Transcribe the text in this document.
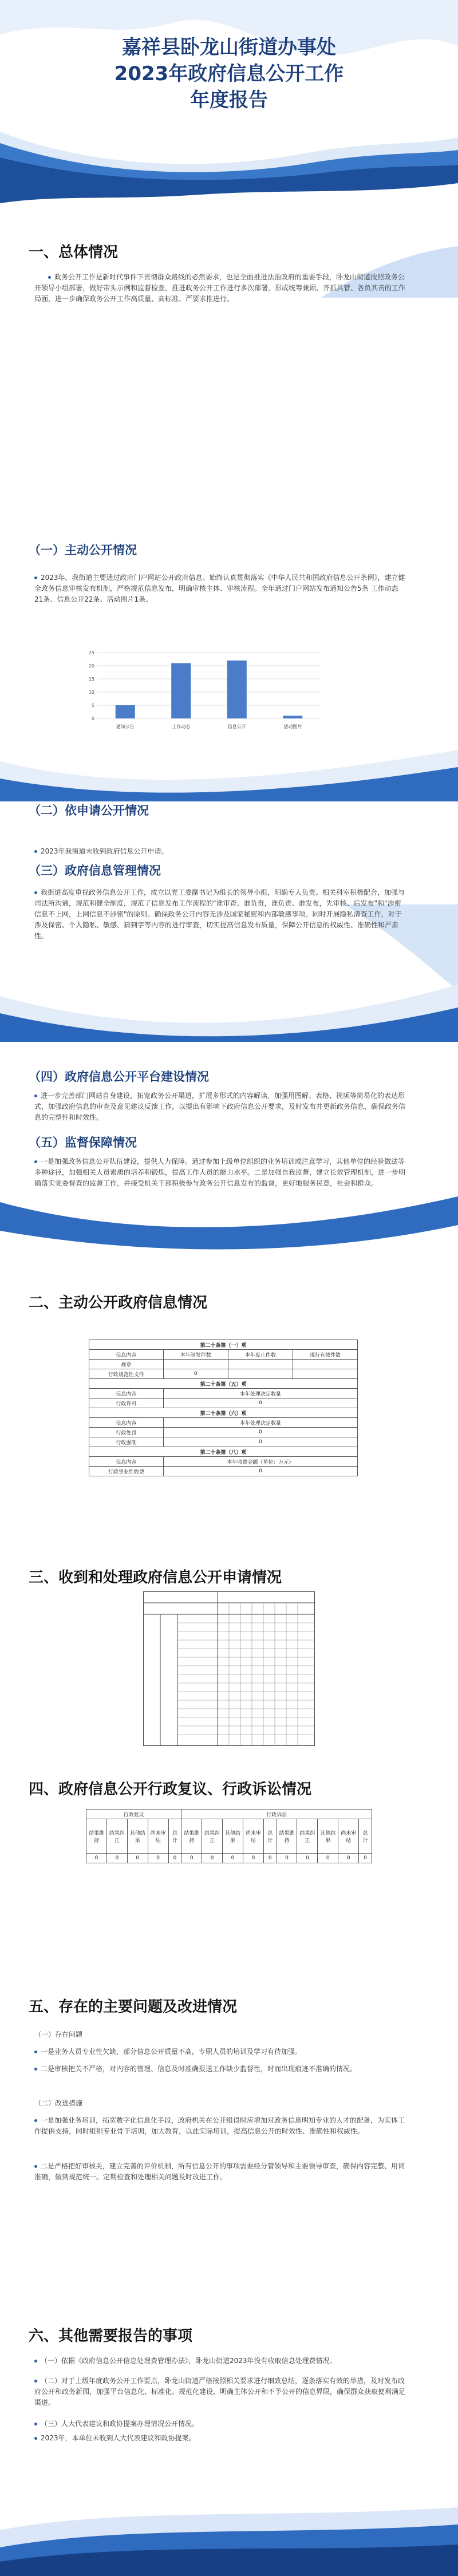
嘉祥县卧龙山街道办事处
2023年政府信息公开工作
年度报告
一、总体情况
政务公开工作是新时代事件下贯彻群众路线的必然要求，也是全面推进法治政府的重要手段，卧龙山街道按照政务公开领导小组部署，做好带头示例和监督检查，推进政务公开工作进行多次部署，形成统筹兼顾、齐抓共管、各负其责的工作局面，进一步确保政务公开工作高质量、高标准、严要求推进行。
（一）主动公开情况
2023年，我街道主要通过政府门户网站公开政府信息。始终认真贯彻落实《中华人民共和国政府信息公开条例》，建立健全政务信息审核发布机制，严格规范信息发布，明确审核主体、审核流程。全年通过门户网站发布通知公告5条 工作动态21条、信息公开22条、活动图片1条。
0
5
10
15
20
25
通知公告	工作动态	信息公开	活动图片
（二）依申请公开情况
2023年我街道未收到政府信息公开申请。
（三）政府信息管理情况
我街道高度重视政务信息公开工作，成立以党工委副书记为组长的领导小组，明确专人负责。相关科室积极配合，加强与司法所沟通，规范和健全制度，规范了信息发布工作流程的"谁审查、谁负责，谁负责、谁发布，先审核、后发布"和"涉密信息不上网，上网信息不涉密"的原则。确保政务公开内容无涉及国家秘密和内部敏感事项。同时开展隐私清查工作，对于涉及保密、个人隐私、敏感、猜到字等内容的进行审查，切实提高信息发布质量，保障公开信息的权威性、准确性和严肃性。
（四）政府信息公开平台建设情况
进一步完善部门网站自身建设，拓宽政务公开渠道，扩展多形式的内容解读，加强用图解、表格、视频等简易化的表达形式，加强政府信息的审查及意见建议反馈工作，以提出有影响下政府信息公开要求，及时发布并更新政务信息，确保政务信息的完整性和时效性。
（五）监督保障情况
一是加强政务信息公开队伍建设，提供人力保障。通过参加上级单位组织的业务培训或注意学习，其他单位的经验做法等多种途径，加强相关人员素质的培养和锻炼，提高工作人员的能力水平。二是加强自我监督，建立长效管理机制，进一步明确落实党委督查的监督工作，并接受机关干部积极参与政务公开信息发布的监督，更好地服务民意，社会和群众。
二、主动公开政府信息情况
第二十条第（一）项			
信息内容	本年制发件数	本年废止件数	现行有效件数
规章			
行政规范性文件	0		
第二十条第（五）项			
信息内容	本年处理决定数量		
行政许可	0		
第二十条第（六）项			
信息内容	本年处理决定数量		
行政处罚	0		
行政强制	0		
第二十条第（八）项			
信息内容	本年收费金额（单位：万元）		
行政事业性收费	0		
三、收到和处理政府信息公开申请情况
四、政府信息公开行政复议、行政诉讼情况
行政复议					行政诉讼									
结果维持	结果纠正	其他结果	尚未审结	总计	结果维持	结果纠正	其他结果	尚未审结	总计	结果维持	结果纠正	其他结果	尚未审结	总计
0	0	0	0	0	0	0	0	0	0	0	0	0	0	0
五、存在的主要问题及改进情况
（一）存在问题
一是业务人员专业性欠缺，部分信息公开质量不高，专职人员的培训及学习有待加强。
二是审核把关不严格，对内容的管理、信息及时准确报送工作缺少监督性，时而出现痕迹不准确的情况。
（二）改进措施
一是加强业务培训，拓宽数字化信息化手段，政府机关在公开组得时应增加对政务信息明知专业的人才的配备，为实体工作提供支持，同时组织专业骨干培训，加大教育，以此实际培训，提高信息公开的时效性、准确性和权威性。
二是严格把好审核关，建立完善的评价机制，所有信息公开的事项需要经分管领导和主要领导审查，确保内容完整、用词准确，做到规范统一。定期检查和处理相关问题及时改进工作。
六、其他需要报告的事项
（一）依据《政府信息公开信息处理费管理办法》，卧龙山街道2023年没有收取信息处理费情况。
（二）对于上级年度政务公开工作要点，卧龙山街道严格按照相关要求进行细致总结，逐条落实有效的举措，及时发布政府公开和政务新闻，加强平台信息化、标准化、规范化建设，明确主体公开和不予公开的信息界限，确保群众获取便利满足渠道。
（三）人大代表建议和政协提案办理情况公开情况。
2023年，本单位未收到人大代表建议和政协提案。
